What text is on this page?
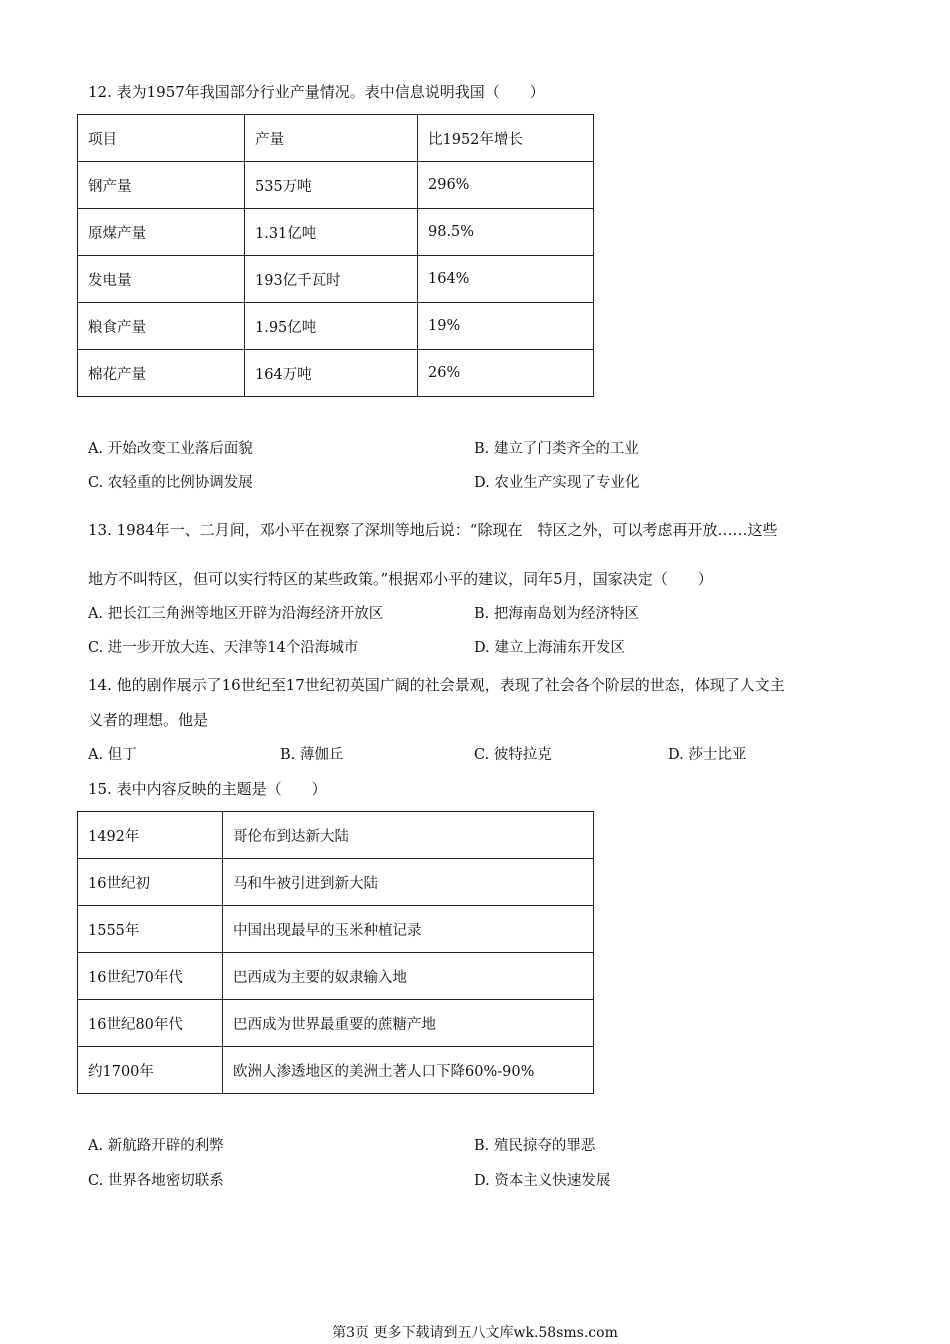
12. 表为1957年我国部分行业产量情况。表中信息说明我国（　　）
项目	产量	比1952年增长
钢产量	535万吨	296%
原煤产量	1.31亿吨	98.5%
发电量	193亿千瓦时	164%
粮食产量	1.95亿吨	19%
棉花产量	164万吨	26%
A. 开始改变工业落后面貌	B. 建立了门类齐全的工业
C. 农轻重的比例协调发展	D. 农业生产实现了专业化
13. 1984年一、二月间，邓小平在视察了深圳等地后说：“除现在　特区之外，可以考虑再开放……这些
地方不叫特区，但可以实行特区的某些政策。”根据邓小平的建议，同年5月，国家决定（　　）
A. 把长江三角洲等地区开辟为沿海经济开放区	B. 把海南岛划为经济特区
C. 进一步开放大连、天津等14个沿海城市	D. 建立上海浦东开发区
14. 他的剧作展示了16世纪至17世纪初英国广阔的社会景观，表现了社会各个阶层的世态，体现了人文主
义者的理想。他是
A. 但丁	B. 薄伽丘	C. 彼特拉克	D. 莎士比亚
15. 表中内容反映的主题是（　　）
1492年	哥伦布到达新大陆
16世纪初	马和牛被引进到新大陆
1555年	中国出现最早的玉米种植记录
16世纪70年代	巴西成为主要的奴隶输入地
16世纪80年代	巴西成为世界最重要的蔗糖产地
约1700年	欧洲人渗透地区的美洲土著人口下降60%-90%
A. 新航路开辟的利弊	B. 殖民掠夺的罪恶
C. 世界各地密切联系	D. 资本主义快速发展
第3页 更多下载请到五八文库wk.58sms.com
